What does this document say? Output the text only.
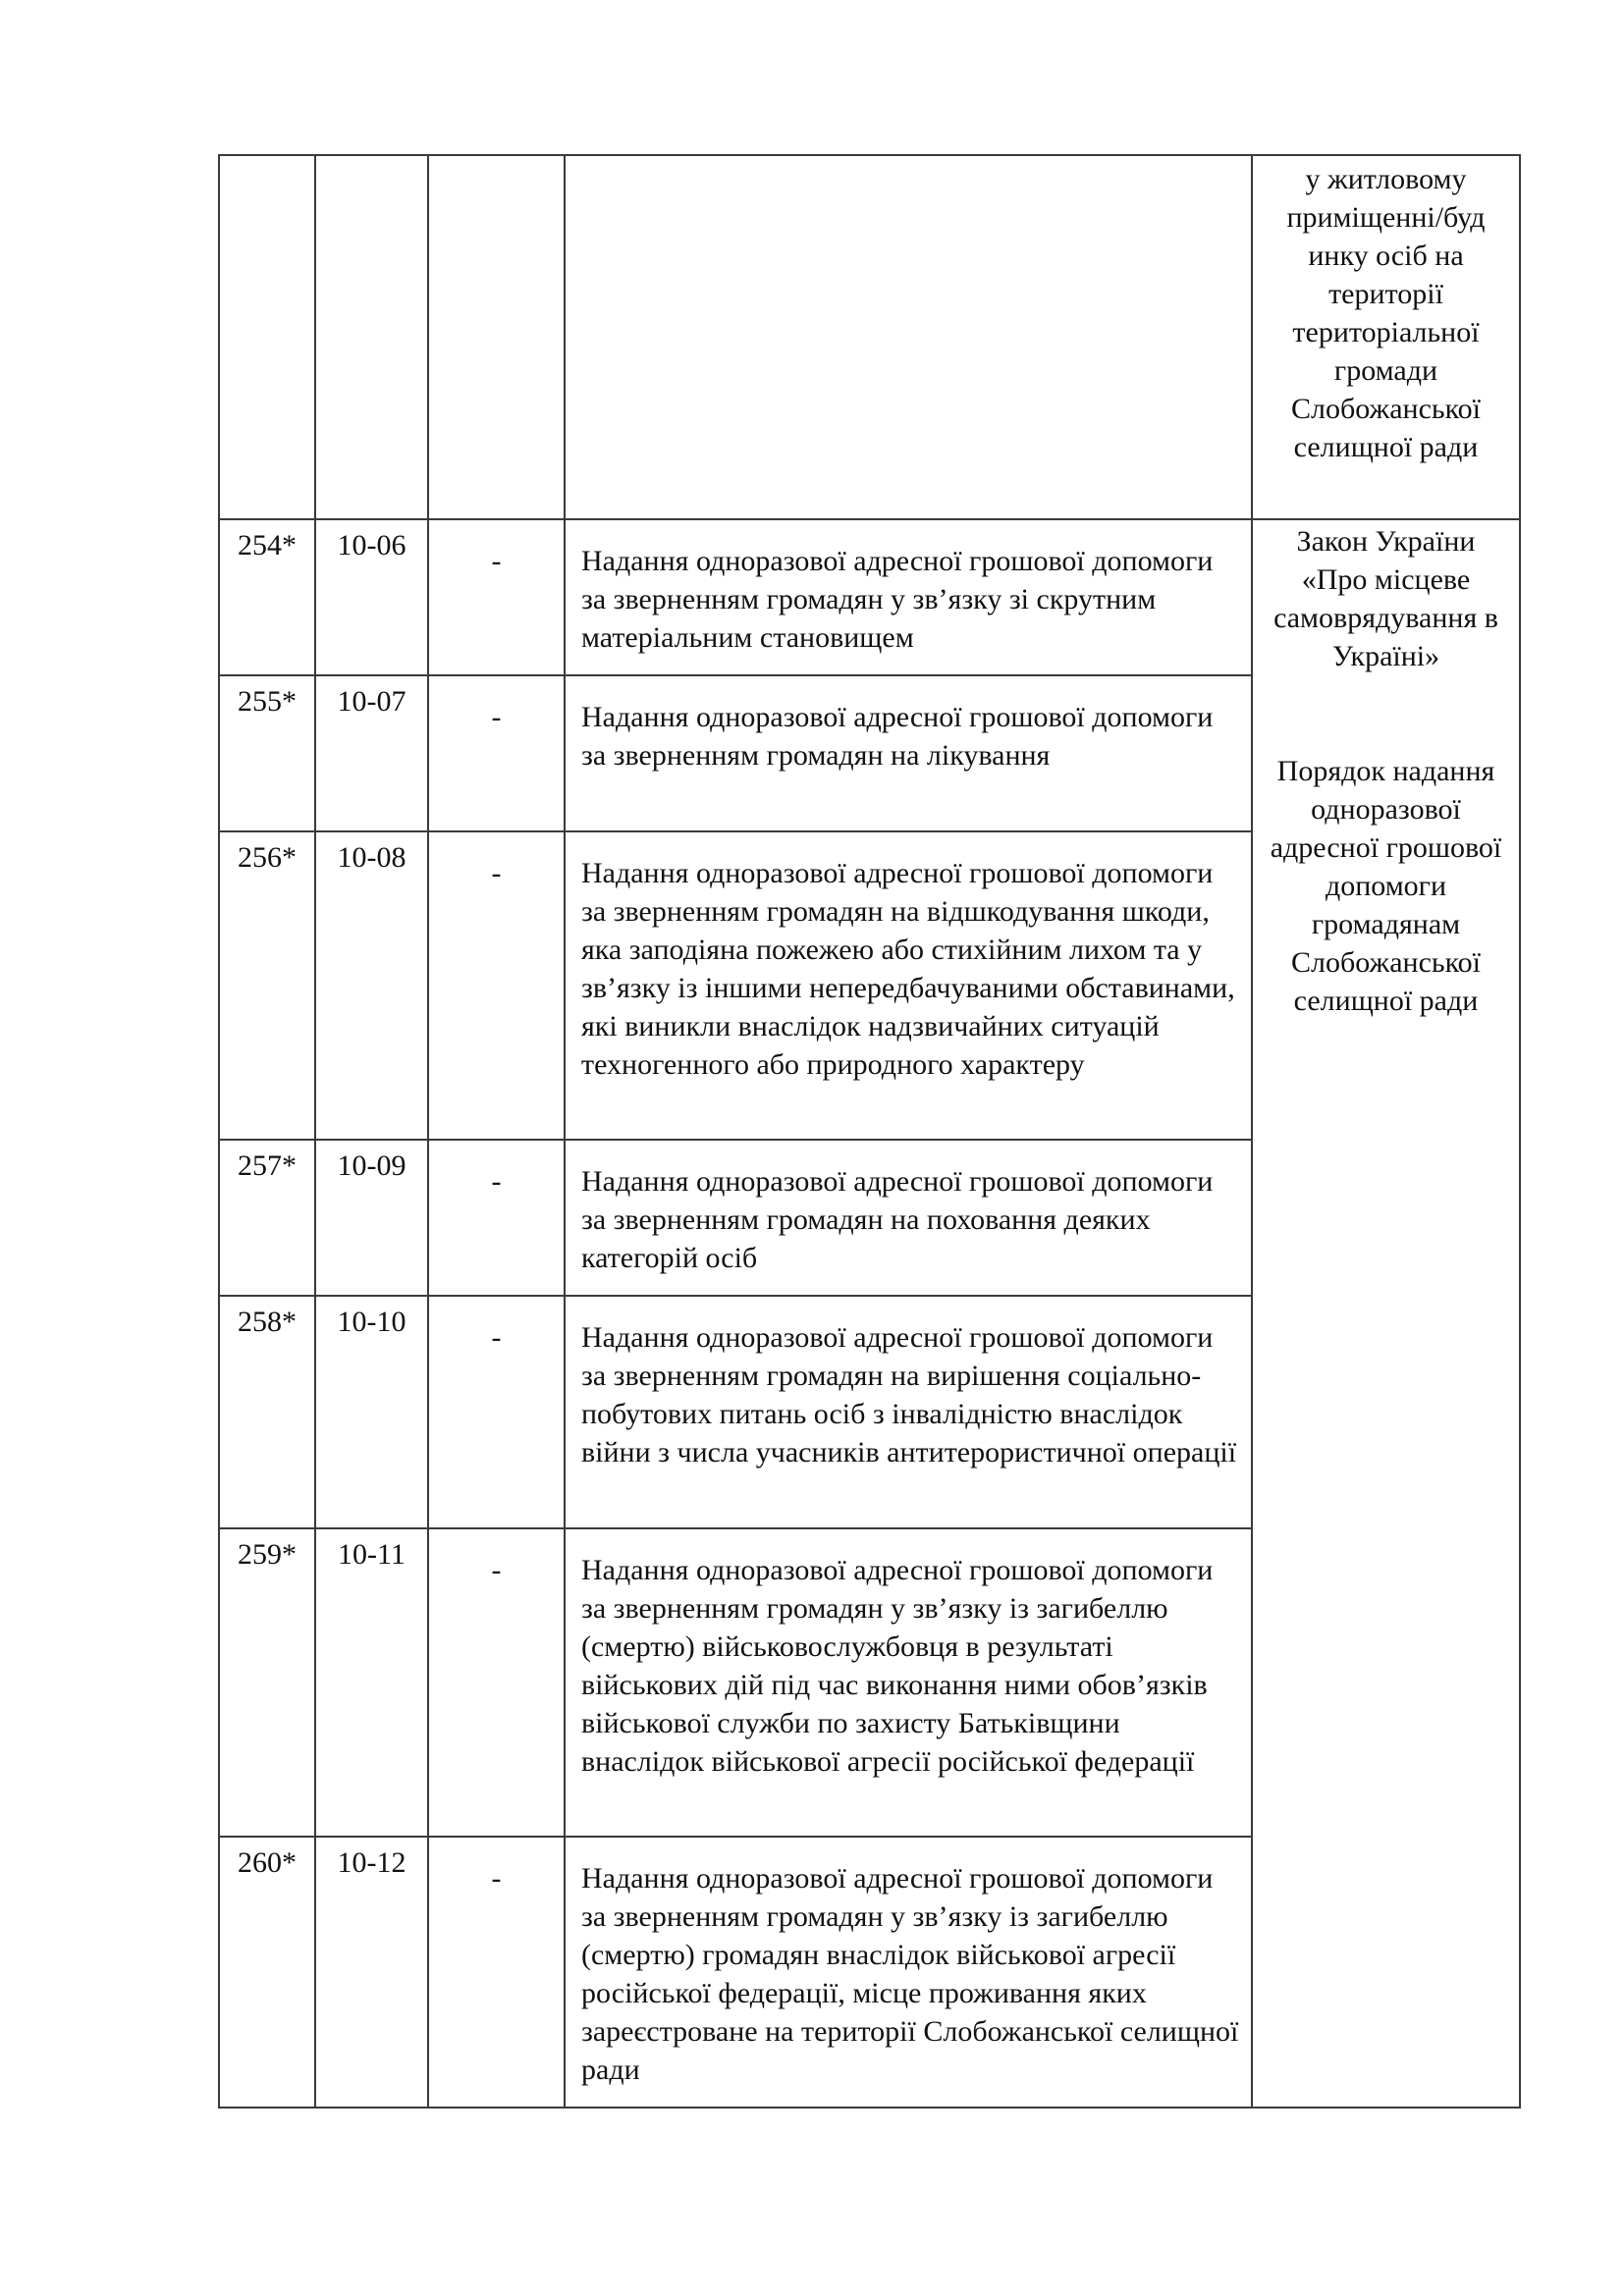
				у житловому приміщенні/буд инку осіб на території територіальної громади Слобожанської селищної ради
254*	10-06	-	Надання одноразової адресної грошової допомоги за зверненням громадян у зв’язку зі скрутним матеріальним становищем	Закон України «Про місцеве самоврядування в Україні»
Порядок надання одноразової адресної грошової допомоги громадянам Слобожанської селищної ради

255*	10-07	-	Надання одноразової адресної грошової допомоги за зверненням громадян на лікування	
256*	10-08	-	Надання одноразової адресної грошової допомоги за зверненням громадян на відшкодування шкоди, яка заподіяна пожежею або стихійним лихом та у зв’язку із іншими непередбачуваними обставинами, які виникли внаслідок надзвичайних ситуацій техногенного або природного характеру	
257*	10-09	-	Надання одноразової адресної грошової допомоги за зверненням громадян на поховання деяких категорій осіб	
258*	10-10	-	Надання одноразової адресної грошової допомоги за зверненням громадян на вирішення соціально-побутових питань осіб з інвалідністю внаслідок війни з числа учасників антитерористичної операції	
259*	10-11	-	Надання одноразової адресної грошової допомоги за зверненням громадян у зв’язку із загибеллю (смертю) військовослужбовця в результаті військових дій під час виконання ними обов’язків військової служби по захисту Батьківщини внаслідок військової агресії російської федерації	
260*	10-12	-	Надання одноразової адресної грошової допомоги за зверненням громадян у зв’язку із загибеллю (смертю) громадян внаслідок військової агресії російської федерації, місце проживання яких зареєстроване на території Слобожанської селищної ради	
